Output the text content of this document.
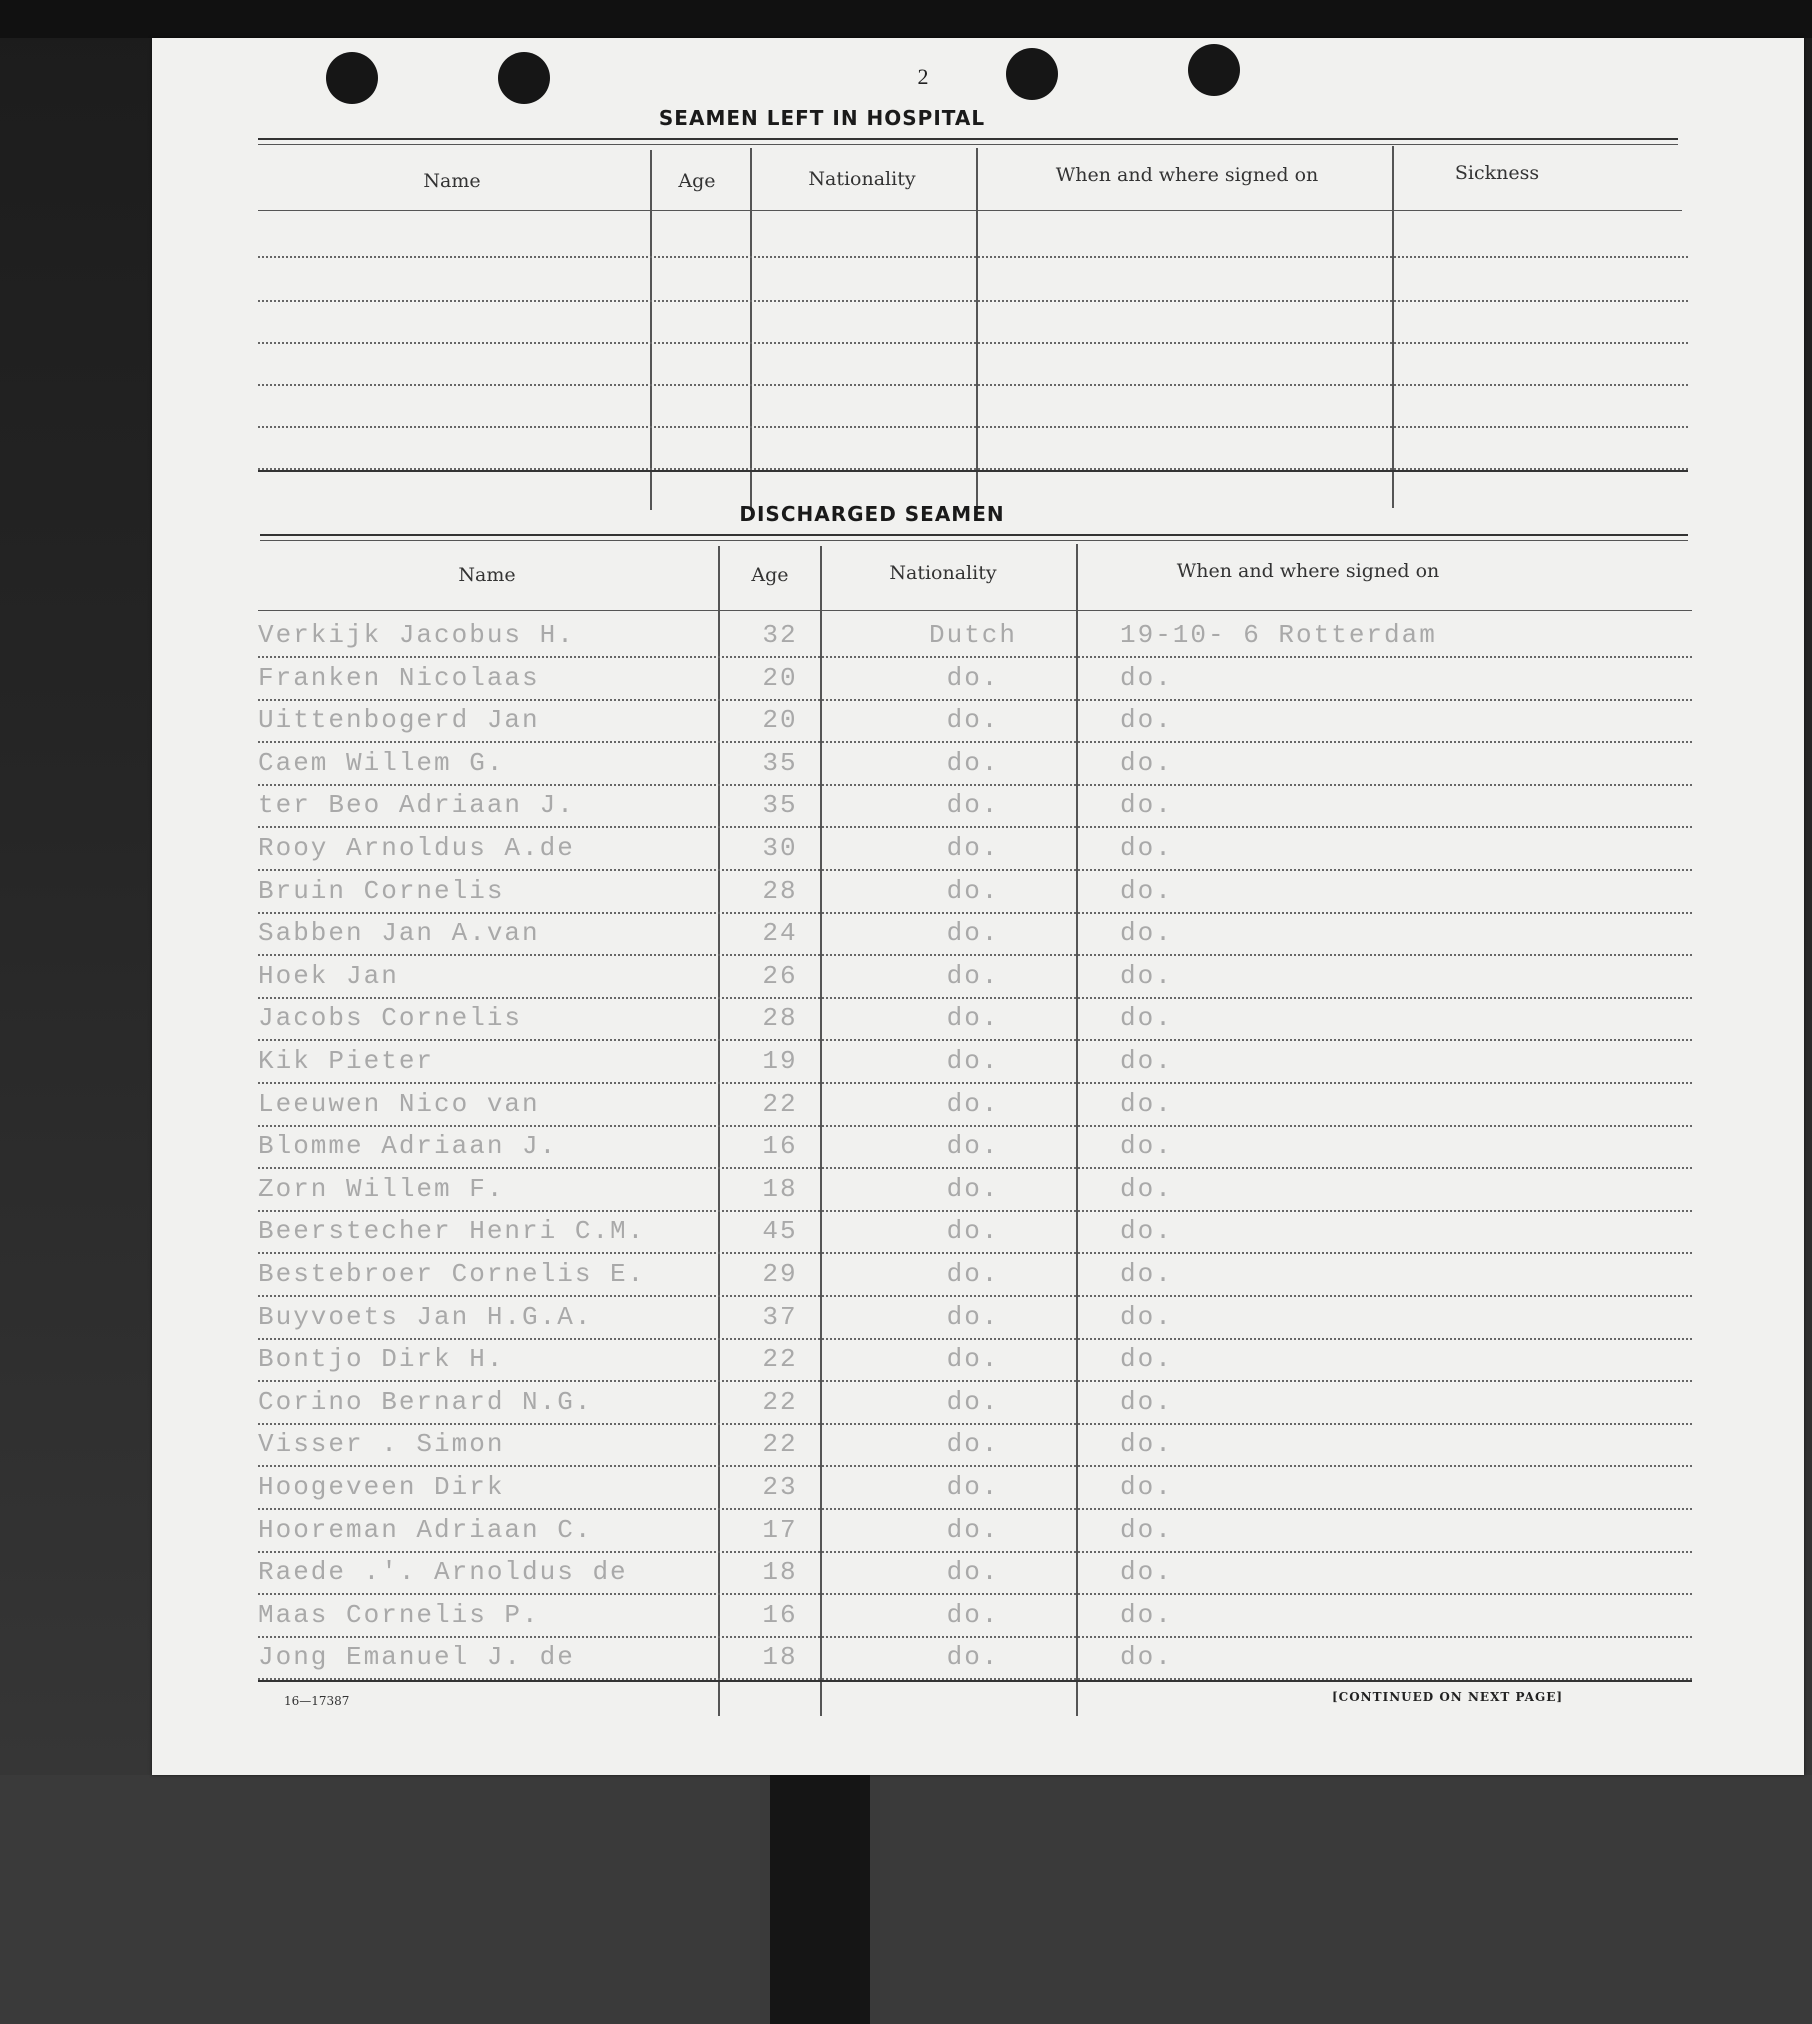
2
SEAMEN LEFT IN HOSPITAL
Name	Age	Nationality	When and where signed on	Sickness
DISCHARGED SEAMEN
Name	Age	Nationality	When and where signed on
Verkijk Jacobus H.	32	Dutch	19-10- 6 Rotterdam
Franken Nicolaas	20	do.	do.
Uittenbogerd Jan	20	do.	do.
Caem Willem G.	35	do.	do.
ter Beo Adriaan J.	35	do.	do.
Rooy Arnoldus A.de	30	do.	do.
Bruin Cornelis	28	do.	do.
Sabben Jan A.van	24	do.	do.
Hoek Jan	26	do.	do.
Jacobs Cornelis	28	do.	do.
Kik Pieter	19	do.	do.
Leeuwen Nico van	22	do.	do.
Blomme Adriaan J.	16	do.	do.
Zorn Willem F.	18	do.	do.
Beerstecher Henri C.M.	45	do.	do.
Bestebroer Cornelis E.	29	do.	do.
Buyvoets Jan H.G.A.	37	do.	do.
Bontjo Dirk H.	22	do.	do.
Corino Bernard N.G.	22	do.	do.
Visser . Simon	22	do.	do.
Hoogeveen Dirk	23	do.	do.
Hooreman Adriaan C.	17	do.	do.
Raede .'. Arnoldus de	18	do.	do.
Maas Cornelis P.	16	do.	do.
Jong Emanuel J. de	18	do.	do.
16—17387	[CONTINUED ON NEXT PAGE]
